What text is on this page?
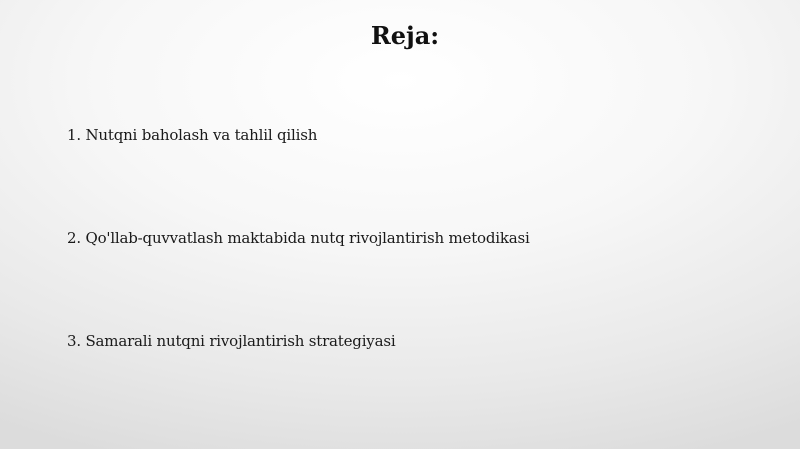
Reja:
1. Nutqni baholash va tahlil qilish
2. Qo'llab-quvvatlash maktabida nutq rivojlantirish metodikasi
3. Samarali nutqni rivojlantirish strategiyasi
